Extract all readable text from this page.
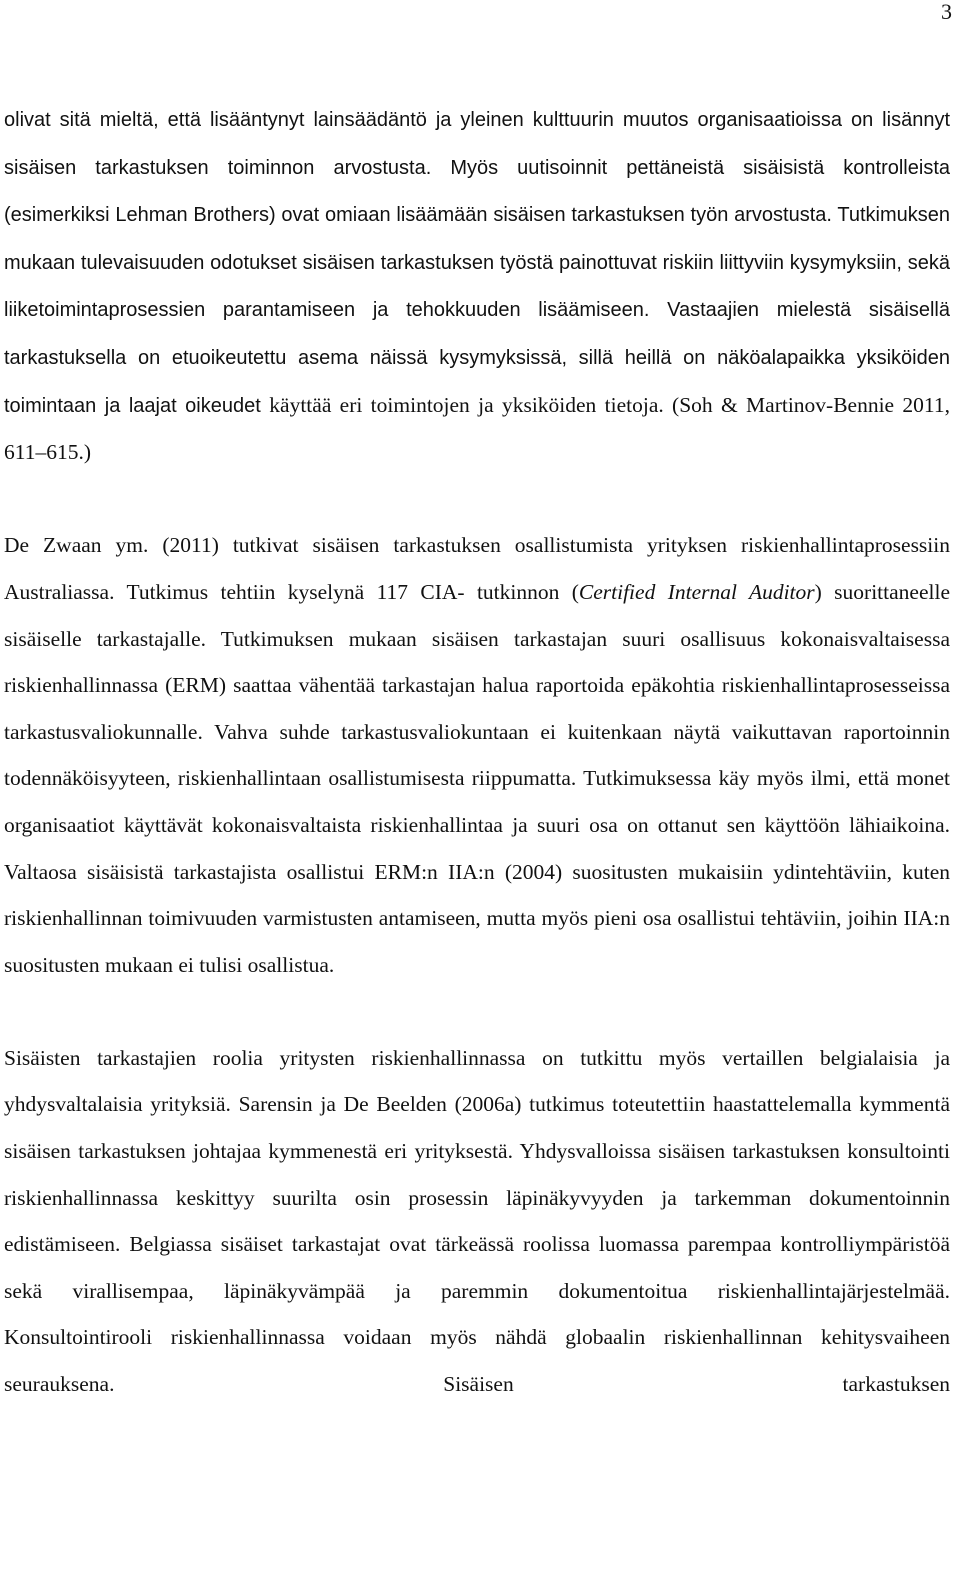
3

olivat sitä mieltä, että lisääntynyt lainsäädäntö ja yleinen kulttuurin muutos organisaatioissa on lisännyt sisäisen tarkastuksen toiminnon arvostusta. Myös uutisoinnit pettäneistä sisäisistä kontrolleista (esimerkiksi Lehman Brothers) ovat omiaan lisäämään sisäisen tarkastuksen työn arvostusta. Tutkimuksen mukaan tulevaisuuden odotukset sisäisen tarkastuksen työstä painottuvat riskiin liittyviin kysymyksiin, sekä liiketoimintaprosessien parantamiseen ja tehokkuuden lisäämiseen. Vastaajien mielestä sisäisellä tarkastuksella on etuoikeutettu asema näissä kysymyksissä, sillä heillä on näköalapaikka yksiköiden toimintaan ja laajat oikeudet käyttää eri toimintojen ja yksiköiden tietoja. (Soh & Martinov-Bennie 2011, 611–615.)

De Zwaan ym. (2011) tutkivat sisäisen tarkastuksen osallistumista yrityksen riskienhallintaprosessiin Australiassa. Tutkimus tehtiin kyselynä 117 CIA- tutkinnon (Certified Internal Auditor) suorittaneelle sisäiselle tarkastajalle. Tutkimuksen mukaan sisäisen tarkastajan suuri osallisuus kokonaisvaltaisessa riskienhallinnassa (ERM) saattaa vähentää tarkastajan halua raportoida epäkohtia riskienhallintaprosesseissa tarkastusvaliokunnalle. Vahva suhde tarkastusvaliokuntaan ei kuitenkaan näytä vaikuttavan raportoinnin todennäköisyyteen, riskienhallintaan osallistumisesta riippumatta. Tutkimuksessa käy myös ilmi, että monet organisaatiot käyttävät kokonaisvaltaista riskienhallintaa ja suuri osa on ottanut sen käyttöön lähiaikoina. Valtaosa sisäisistä tarkastajista osallistui ERM:n IIA:n (2004) suositusten mukaisiin ydintehtäviin, kuten riskienhallinnan toimivuuden varmistusten antamiseen, mutta myös pieni osa osallistui tehtäviin, joihin IIA:n suositusten mukaan ei tulisi osallistua.

Sisäisten tarkastajien roolia yritysten riskienhallinnassa on tutkittu myös vertaillen belgialaisia ja yhdysvaltalaisia yrityksiä. Sarensin ja De Beelden (2006a) tutkimus toteutettiin haastattelemalla kymmentä sisäisen tarkastuksen johtajaa kymmenestä eri yrityksestä. Yhdysvalloissa sisäisen tarkastuksen konsultointi riskienhallinnassa keskittyy suurilta osin prosessin läpinäkyvyyden ja tarkemman dokumentoinnin edistämiseen. Belgiassa sisäiset tarkastajat ovat tärkeässä roolissa luomassa parempaa kontrolliympäristöä sekä virallisempaa, läpinäkyvämpää ja paremmin dokumentoitua riskienhallintajärjestelmää. Konsultointirooli riskienhallinnassa voidaan myös nähdä globaalin riskienhallinnan kehitysvaiheen seurauksena. Sisäisen tarkastuksen
